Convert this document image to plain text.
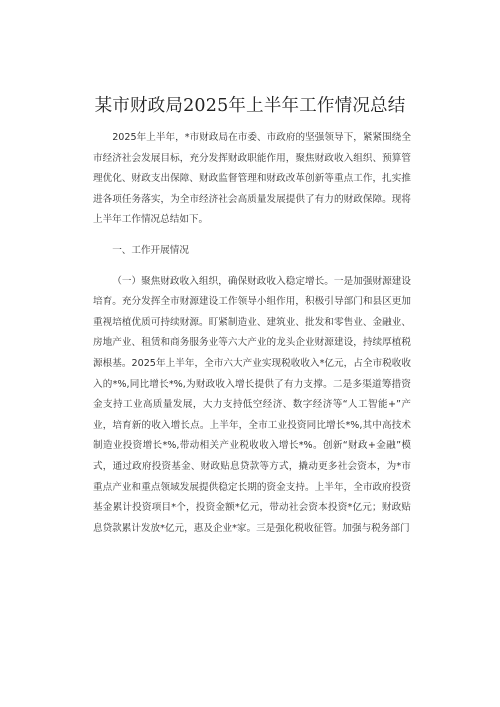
某市财政局2025年上半年工作情况总结

2025年上半年，*市财政局在市委、市政府的坚强领导下，紧紧围绕全市经济社会发展目标，充分发挥财政职能作用，聚焦财政收入组织、预算管理优化、财政支出保障、财政监督管理和财政改革创新等重点工作，扎实推进各项任务落实，为全市经济社会高质量发展提供了有力的财政保障。现将上半年工作情况总结如下。

一、工作开展情况

（一）聚焦财政收入组织，确保财政收入稳定增长。一是加强财源建设培育。充分发挥全市财源建设工作领导小组作用，积极引导部门和县区更加重视培植优质可持续财源。盯紧制造业、建筑业、批发和零售业、金融业、房地产业、租赁和商务服务业等六大产业的龙头企业财源建设，持续厚植税源根基。2025年上半年，全市六大产业实现税收收入*亿元，占全市税收收入的*%,同比增长*%,为财政收入增长提供了有力支撑。二是多渠道筹措资金支持工业高质量发展，大力支持低空经济、数字经济等“人工智能+”产业，培育新的收入增长点。上半年，全市工业投资同比增长*%,其中高技术制造业投资增长*%,带动相关产业税收收入增长*%。创新“财政+金融”模式，通过政府投资基金、财政贴息贷款等方式，撬动更多社会资本，为*市重点产业和重点领域发展提供稳定长期的资金支持。上半年，全市政府投资基金累计投资项目*个，投资金额*亿元，带动社会资本投资*亿元；财政贴息贷款累计发放*亿元，惠及企业*家。三是强化税收征管。加强与税务部门
